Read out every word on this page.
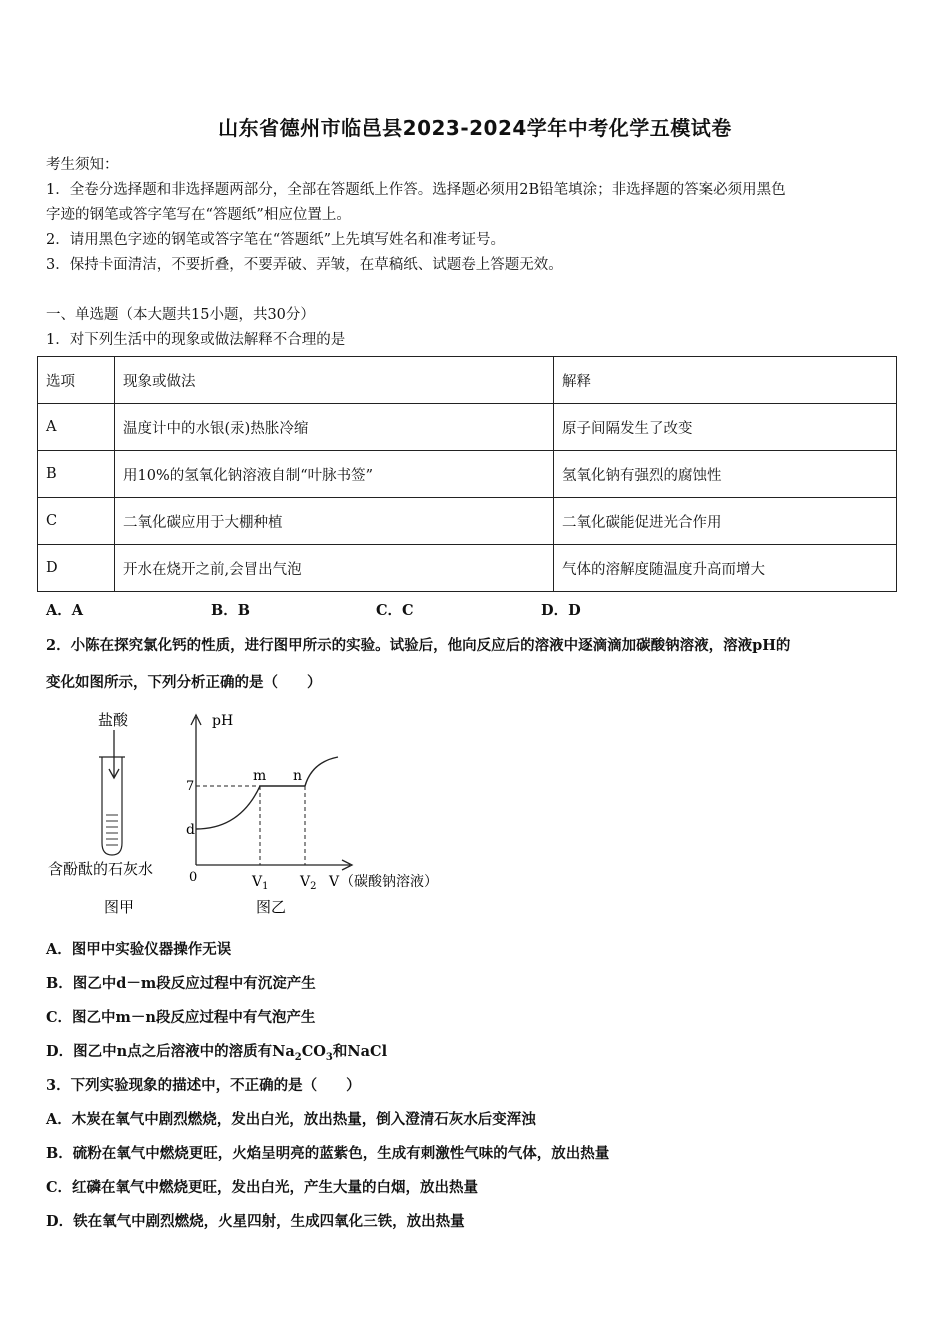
山东省德州市临邑县2023-2024学年中考化学五模试卷
考生须知：
1．全卷分选择题和非选择题两部分，全部在答题纸上作答。选择题必须用2B铅笔填涂；非选择题的答案必须用黑色
字迹的钢笔或答字笔写在“答题纸”相应位置上。
2．请用黑色字迹的钢笔或答字笔在“答题纸”上先填写姓名和准考证号。
3．保持卡面清洁，不要折叠，不要弄破、弄皱，在草稿纸、试题卷上答题无效。
一、单选题（本大题共15小题，共30分）
1．对下列生活中的现象或做法解释不合理的是
选项	现象或做法	解释
A	温度计中的水银(汞)热胀冷缩	原子间隔发生了改变
B	用10%的氢氧化钠溶液自制“叶脉书签”	氢氧化钠有强烈的腐蚀性
C	二氧化碳应用于大棚种植	二氧化碳能促进光合作用
D	开水在烧开之前,会冒出气泡	气体的溶解度随温度升高而增大
A．A	B．B	C．C	D．D
2．小陈在探究氯化钙的性质，进行图甲所示的实验。试验后，他向反应后的溶液中逐滴滴加碳酸钠溶液，溶液pH的
变化如图所示，下列分析正确的是（　　）
盐酸
含酚酞的石灰水
图甲
pH
7
d
0
m n
$V_1$ $V_2$ V （碳酸钠溶液）
图乙
A．图甲中实验仪器操作无误
B．图乙中d－m段反应过程中有沉淀产生
C．图乙中m－n段反应过程中有气泡产生
D．图乙中n点之后溶液中的溶质有$Na_2CO_3$和NaCl
3．下列实验现象的描述中，不正确的是（　　）
A．木炭在氧气中剧烈燃烧，发出白光，放出热量，倒入澄清石灰水后变浑浊
B．硫粉在氧气中燃烧更旺，火焰呈明亮的蓝紫色，生成有刺激性气味的气体，放出热量
C．红磷在氧气中燃烧更旺，发出白光，产生大量的白烟，放出热量
D．铁在氧气中剧烈燃烧，火星四射，生成四氧化三铁，放出热量
